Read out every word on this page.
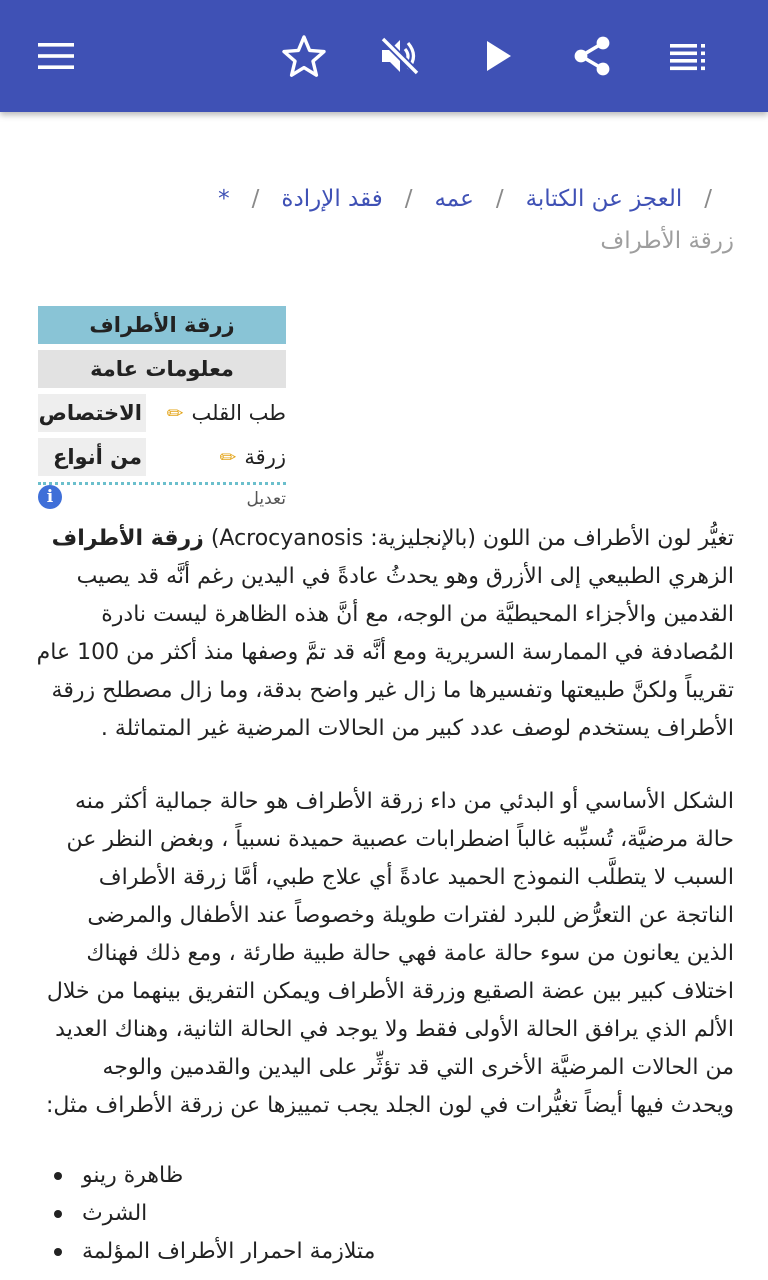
/العجز عن الكتابة/عمه/فقد الإرادة/*
زرقة الأطراف
زرقة الأطراف
معلومات عامة
طب القلب
✏
الاختصاص
زرقة
✏
من أنواع
تعديل
i

تغيُّر لون الأطراف من اللون (بالإنجليزية: Acrocyanosis) زرقة الأطراف الزهري الطبيعي إلى الأزرق وهو يحدثُ عادةً في اليدين رغم أنَّه قد يصيب القدمين والأجزاء المحيطيَّة من الوجه، مع أنَّ هذه الظاهرة ليست نادرة المُصادفة في الممارسة السريرية ومع أنَّه قد تمَّ وصفها منذ أكثر من 100 عام تقريباً ولكنَّ طبيعتها وتفسيرها ما زال غير واضح بدقة، وما زال مصطلح زرقة الأطراف يستخدم لوصف عدد كبير من الحالات المرضية غير المتماثلة .

الشكل الأساسي أو البدئي من داء زرقة الأطراف هو حالة جمالية أكثر منه حالة مرضيَّة، تُسبِّبه غالباً اضطرابات عصبية حميدة نسبياً ، وبغض النظر عن السبب لا يتطلَّب النموذج الحميد عادةً أي علاج طبي، أمَّا زرقة الأطراف الناتجة عن التعرُّض للبرد لفترات طويلة وخصوصاً عند الأطفال والمرضى الذين يعانون من سوء حالة عامة فهي حالة طبية طارئة ، ومع ذلك فهناك اختلاف كبير بين عضة الصقيع وزرقة الأطراف ويمكن التفريق بينهما من خلال الألم الذي يرافق الحالة الأولى فقط ولا يوجد في الحالة الثانية، وهناك العديد من الحالات المرضيَّة الأخرى التي قد تؤثِّر على اليدين والقدمين والوجه ويحدث فيها أيضاً تغيُّرات في لون الجلد يجب تمييزها عن زرقة الأطراف مثل:

ظاهرة رينو
الشرث
متلازمة احمرار الأطراف المؤلمة
